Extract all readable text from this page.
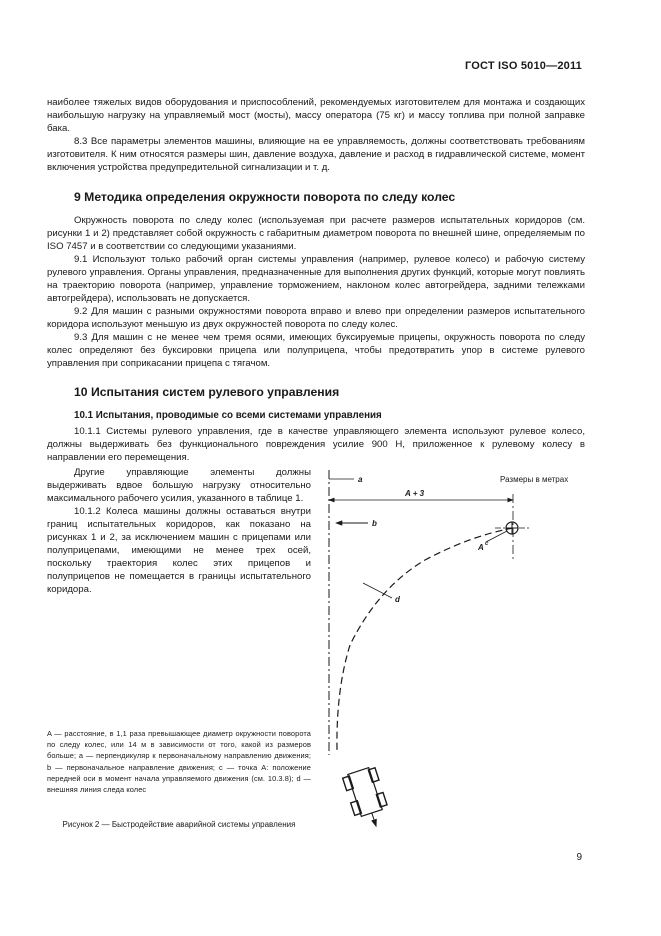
ГОСТ ISO 5010—2011

наиболее тяжелых видов оборудования и приспособлений, рекомендуемых изготовителем для монтажа и создающих наибольшую нагрузку на управляемый мост (мосты), массу оператора (75 кг) и массу топлива при полной заправке бака.

8.3 Все параметры элементов машины, влияющие на ее управляемость, должны соответствовать требованиям изготовителя. К ним относятся размеры шин, давление воздуха, давление и расход в гидравлической системе, момент включения устройства предупредительной сигнализации и т. д.

9 Методика определения окружности поворота по следу колес

Окружность поворота по следу колес (используемая при расчете размеров испытательных коридоров (см. рисунки 1 и 2) представляет собой окружность с габаритным диаметром поворота по внешней шине, определяемым по ISO 7457 и в соответствии со следующими указаниями.

9.1 Используют только рабочий орган системы управления (например, рулевое колесо) и рабочую систему рулевого управления. Органы управления, предназначенные для выполнения других функций, которые могут повлиять на траекторию поворота (например, управление торможением, наклоном колес автогрейдера, задними тележками автогрейдера), использовать не допускается.

9.2 Для машин с разными окружностями поворота вправо и влево при определении размеров испытательного коридора используют меньшую из двух окружностей поворота по следу колес.

9.3 Для машин с не менее чем тремя осями, имеющих буксируемые прицепы, окружность поворота по следу колес определяют без буксировки прицепа или полуприцепа, чтобы предотвратить упор в системе рулевого управления при соприкасании прицепа с тягачом.

10 Испытания систем рулевого управления
10.1 Испытания, проводимые со всеми системами управления

10.1.1 Системы рулевого управления, где в качестве управляющего элемента используют рулевое колесо, должны выдерживать без функционального повреждения усилие 900 Н, приложенное к рулевому колесу в направлении его перемещения.

Другие управляющие элементы должны выдерживать вдвое большую нагрузку относительно максимального рабочего усилия, указанного в таблице 1.

10.1.2 Колеса машины должны оставаться внутри границ испытательных коридоров, как показано на рисунках 1 и 2, за исключением машин с прицепами или полуприцепами, имеющими не менее трех осей, поскольку траектория колес этих прицепов и полуприцепов не помещается в границы испытательного коридора.

Размеры в метрах
a
A + 3
b
A c
d
A — расстояние, в 1,1 раза превышающее диаметр окружности поворота по следу колес, или 14 м в зависимости от того, какой из размеров больше; a — перпендикуляр к первоначальному направлению движения; b — первоначальное направление движения; c — точка A: положение передней оси в момент начала управляемого движения (см. 10.3.8); d — внешняя линия следа колес
Рисунок 2 — Быстродействие аварийной системы управления
9
